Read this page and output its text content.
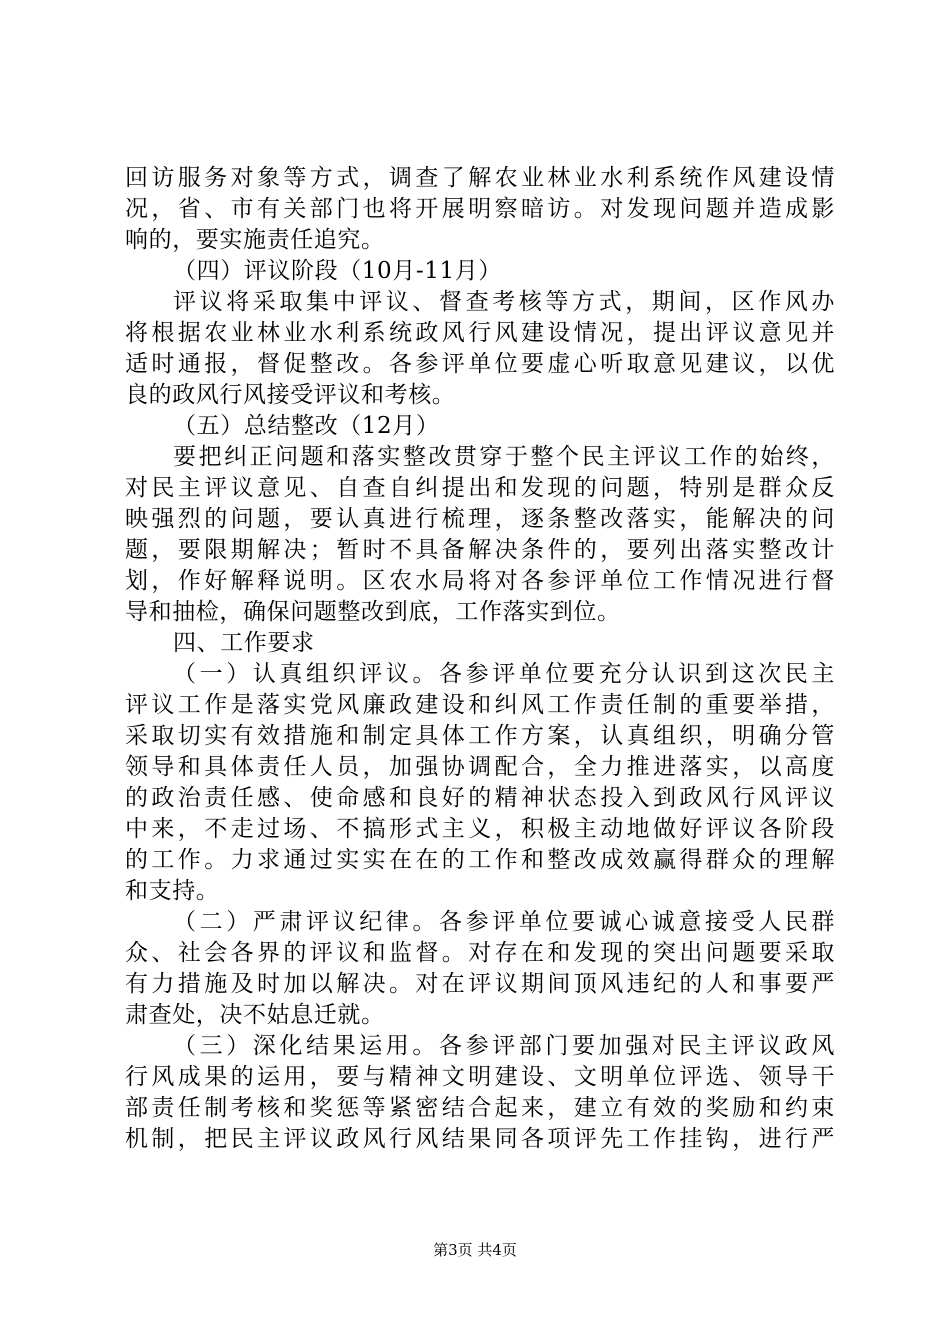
回访服务对象等方式，调查了解农业林业水利系统作风建设情
况，省、市有关部门也将开展明察暗访。对发现问题并造成影
响的，要实施责任追究。
（四）评议阶段（10月-11月）
评议将采取集中评议、督查考核等方式，期间，区作风办
将根据农业林业水利系统政风行风建设情况，提出评议意见并
适时通报，督促整改。各参评单位要虚心听取意见建议，以优
良的政风行风接受评议和考核。
（五）总结整改（12月）
要把纠正问题和落实整改贯穿于整个民主评议工作的始终，
对民主评议意见、自查自纠提出和发现的问题，特别是群众反
映强烈的问题，要认真进行梳理，逐条整改落实，能解决的问
题，要限期解决；暂时不具备解决条件的，要列出落实整改计
划，作好解释说明。区农水局将对各参评单位工作情况进行督
导和抽检，确保问题整改到底，工作落实到位。
四、工作要求
（一）认真组织评议。各参评单位要充分认识到这次民主
评议工作是落实党风廉政建设和纠风工作责任制的重要举措，
采取切实有效措施和制定具体工作方案，认真组织，明确分管
领导和具体责任人员，加强协调配合，全力推进落实，以高度
的政治责任感、使命感和良好的精神状态投入到政风行风评议
中来，不走过场、不搞形式主义，积极主动地做好评议各阶段
的工作。力求通过实实在在的工作和整改成效赢得群众的理解
和支持。
（二）严肃评议纪律。各参评单位要诚心诚意接受人民群
众、社会各界的评议和监督。对存在和发现的突出问题要采取
有力措施及时加以解决。对在评议期间顶风违纪的人和事要严
肃查处，决不姑息迁就。
（三）深化结果运用。各参评部门要加强对民主评议政风
行风成果的运用，要与精神文明建设、文明单位评选、领导干
部责任制考核和奖惩等紧密结合起来，建立有效的奖励和约束
机制，把民主评议政风行风结果同各项评先工作挂钩，进行严
第3页 共4页
